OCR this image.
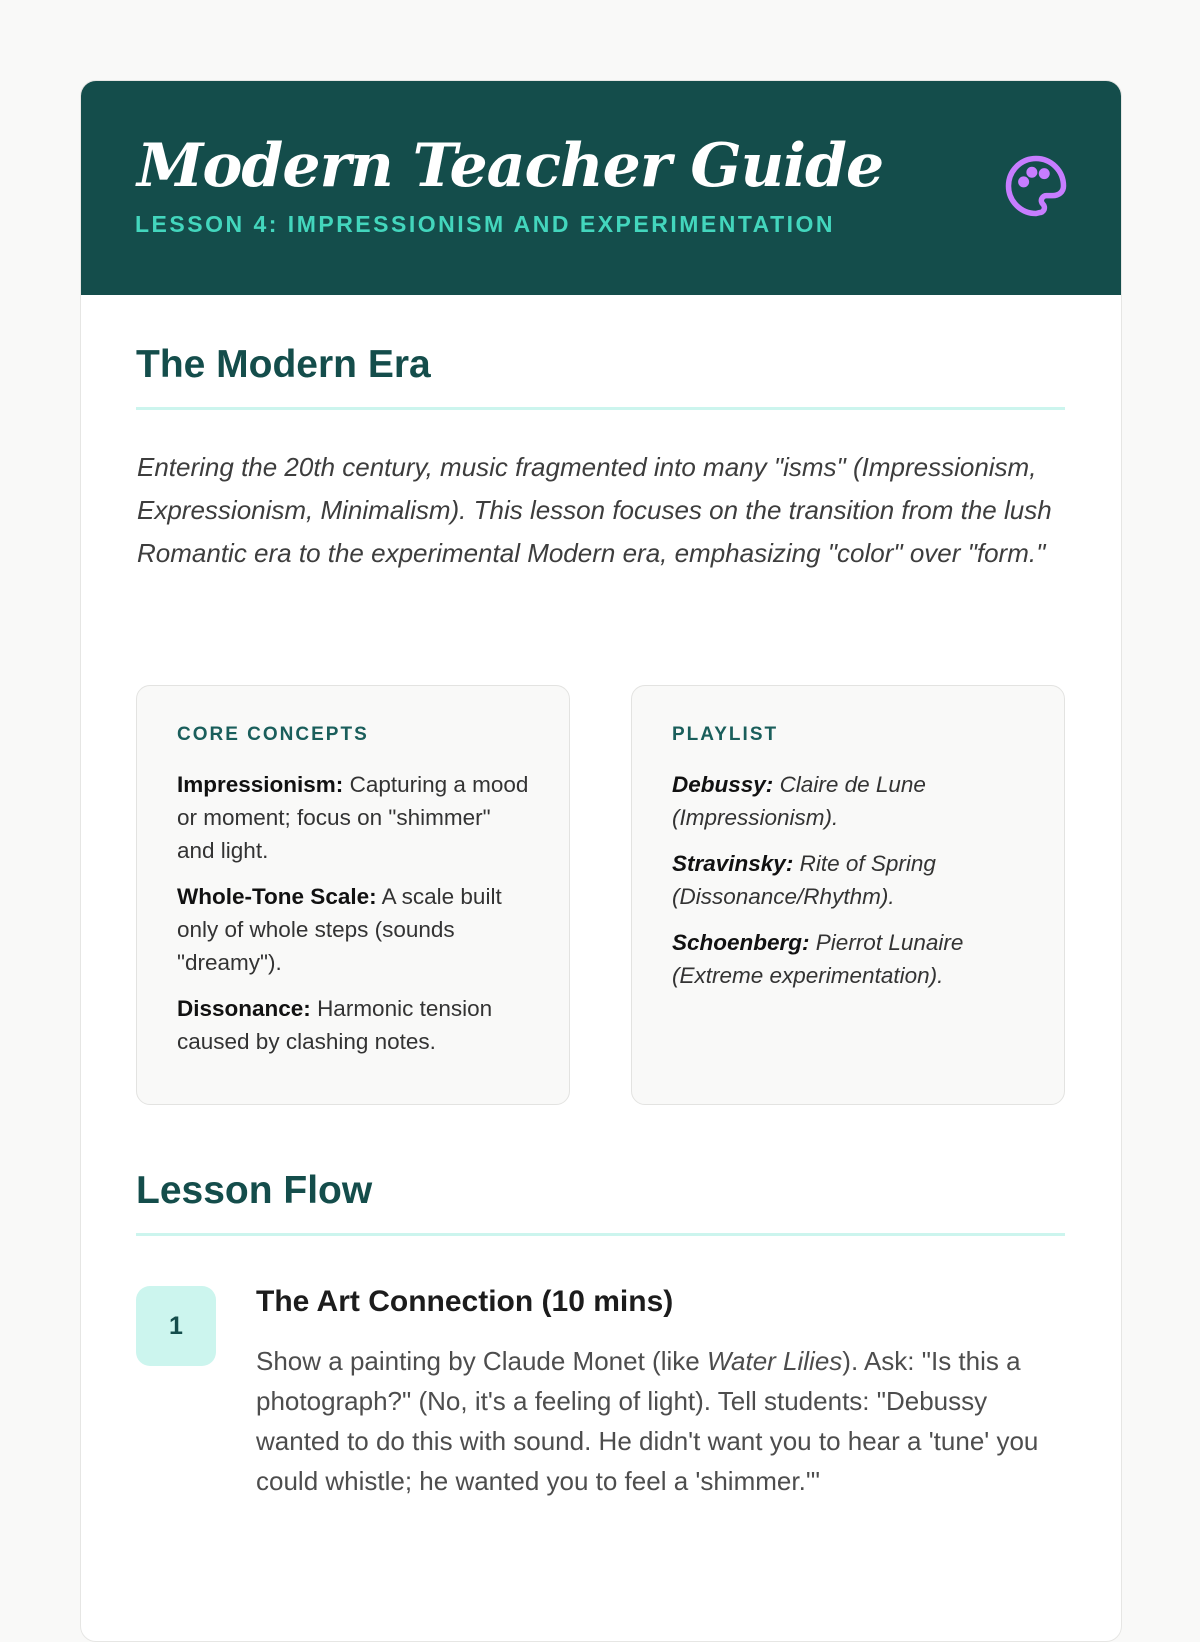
Modern Teacher Guide
LESSON 4: IMPRESSIONISM AND EXPERIMENTATION
The Modern Era

Entering the 20th century, music fragmented into many "isms" (Impressionism, Expressionism, Minimalism). This lesson focuses on the transition from the lush Romantic era to the experimental Modern era, emphasizing "color" over "form."

CORE CONCEPTS

Impressionism: Capturing a mood or moment; focus on "shimmer" and light.

Whole-Tone Scale: A scale built only of whole steps (sounds "dreamy").

Dissonance: Harmonic tension caused by clashing notes.

PLAYLIST

Debussy: Claire de Lune (Impressionism).

Stravinsky: Rite of Spring (Dissonance/Rhythm).

Schoenberg: Pierrot Lunaire (Extreme experimentation).

Lesson Flow
1
The Art Connection (10 mins)

Show a painting by Claude Monet (like Water Lilies). Ask: "Is this a photograph?" (No, it's a feeling of light). Tell students: "Debussy wanted to do this with sound. He didn't want you to hear a 'tune' you could whistle; he wanted you to feel a 'shimmer.'"
